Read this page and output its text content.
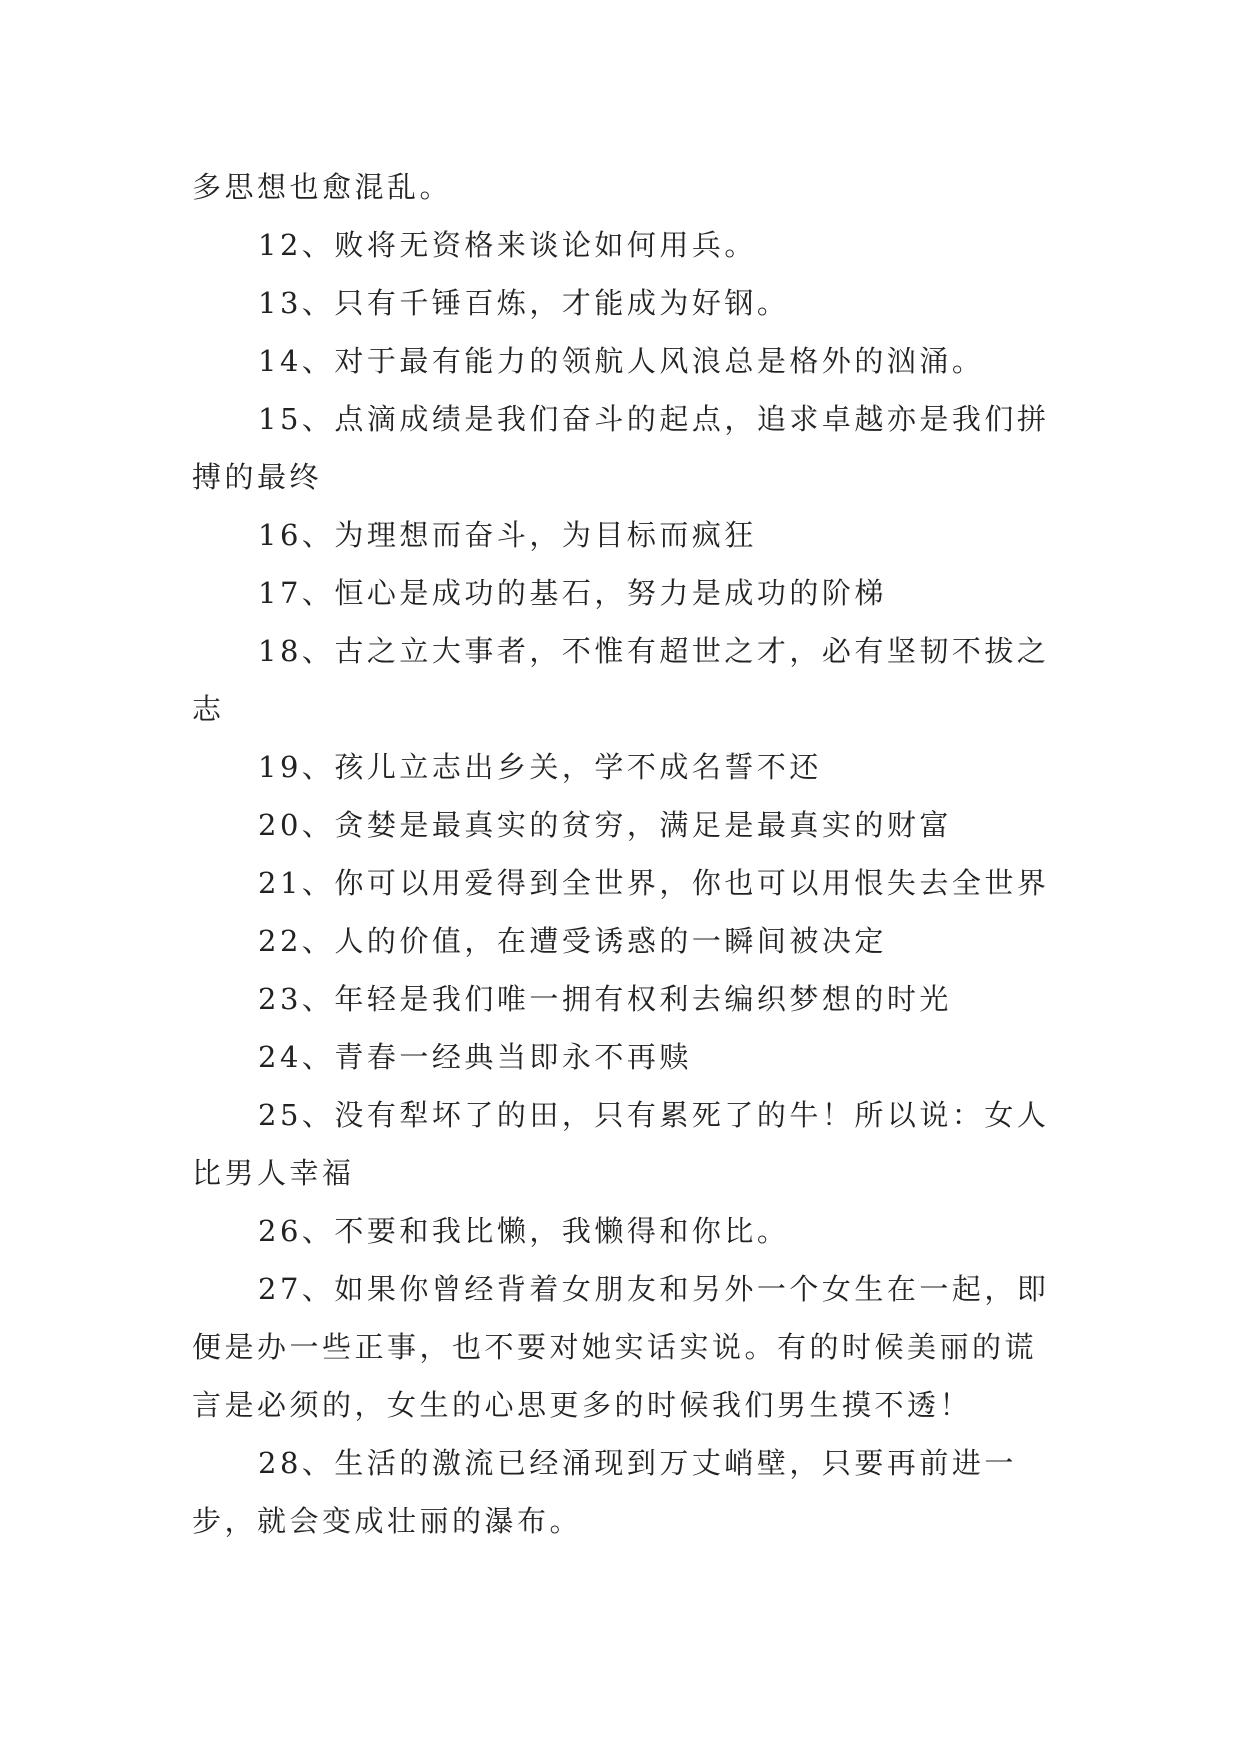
多思想也愈混乱。

12、败将无资格来谈论如何用兵。

13、只有千锤百炼，才能成为好钢。

14、对于最有能力的领航人风浪总是格外的汹涌。

15、点滴成绩是我们奋斗的起点，追求卓越亦是我们拼搏的最终

16、为理想而奋斗，为目标而疯狂

17、恒心是成功的基石，努力是成功的阶梯

18、古之立大事者，不惟有超世之才，必有坚韧不拔之志

19、孩儿立志出乡关，学不成名誓不还

20、贪婪是最真实的贫穷，满足是最真实的财富

21、你可以用爱得到全世界，你也可以用恨失去全世界

22、人的价值，在遭受诱惑的一瞬间被决定

23、年轻是我们唯一拥有权利去编织梦想的时光

24、青春一经典当即永不再赎

25、没有犁坏了的田，只有累死了的牛！所以说：女人比男人幸福

26、不要和我比懒，我懒得和你比。

27、如果你曾经背着女朋友和另外一个女生在一起，即便是办一些正事，也不要对她实话实说。有的时候美丽的谎言是必须的，女生的心思更多的时候我们男生摸不透！

28、生活的激流已经涌现到万丈峭壁，只要再前进一步，就会变成壮丽的瀑布。
